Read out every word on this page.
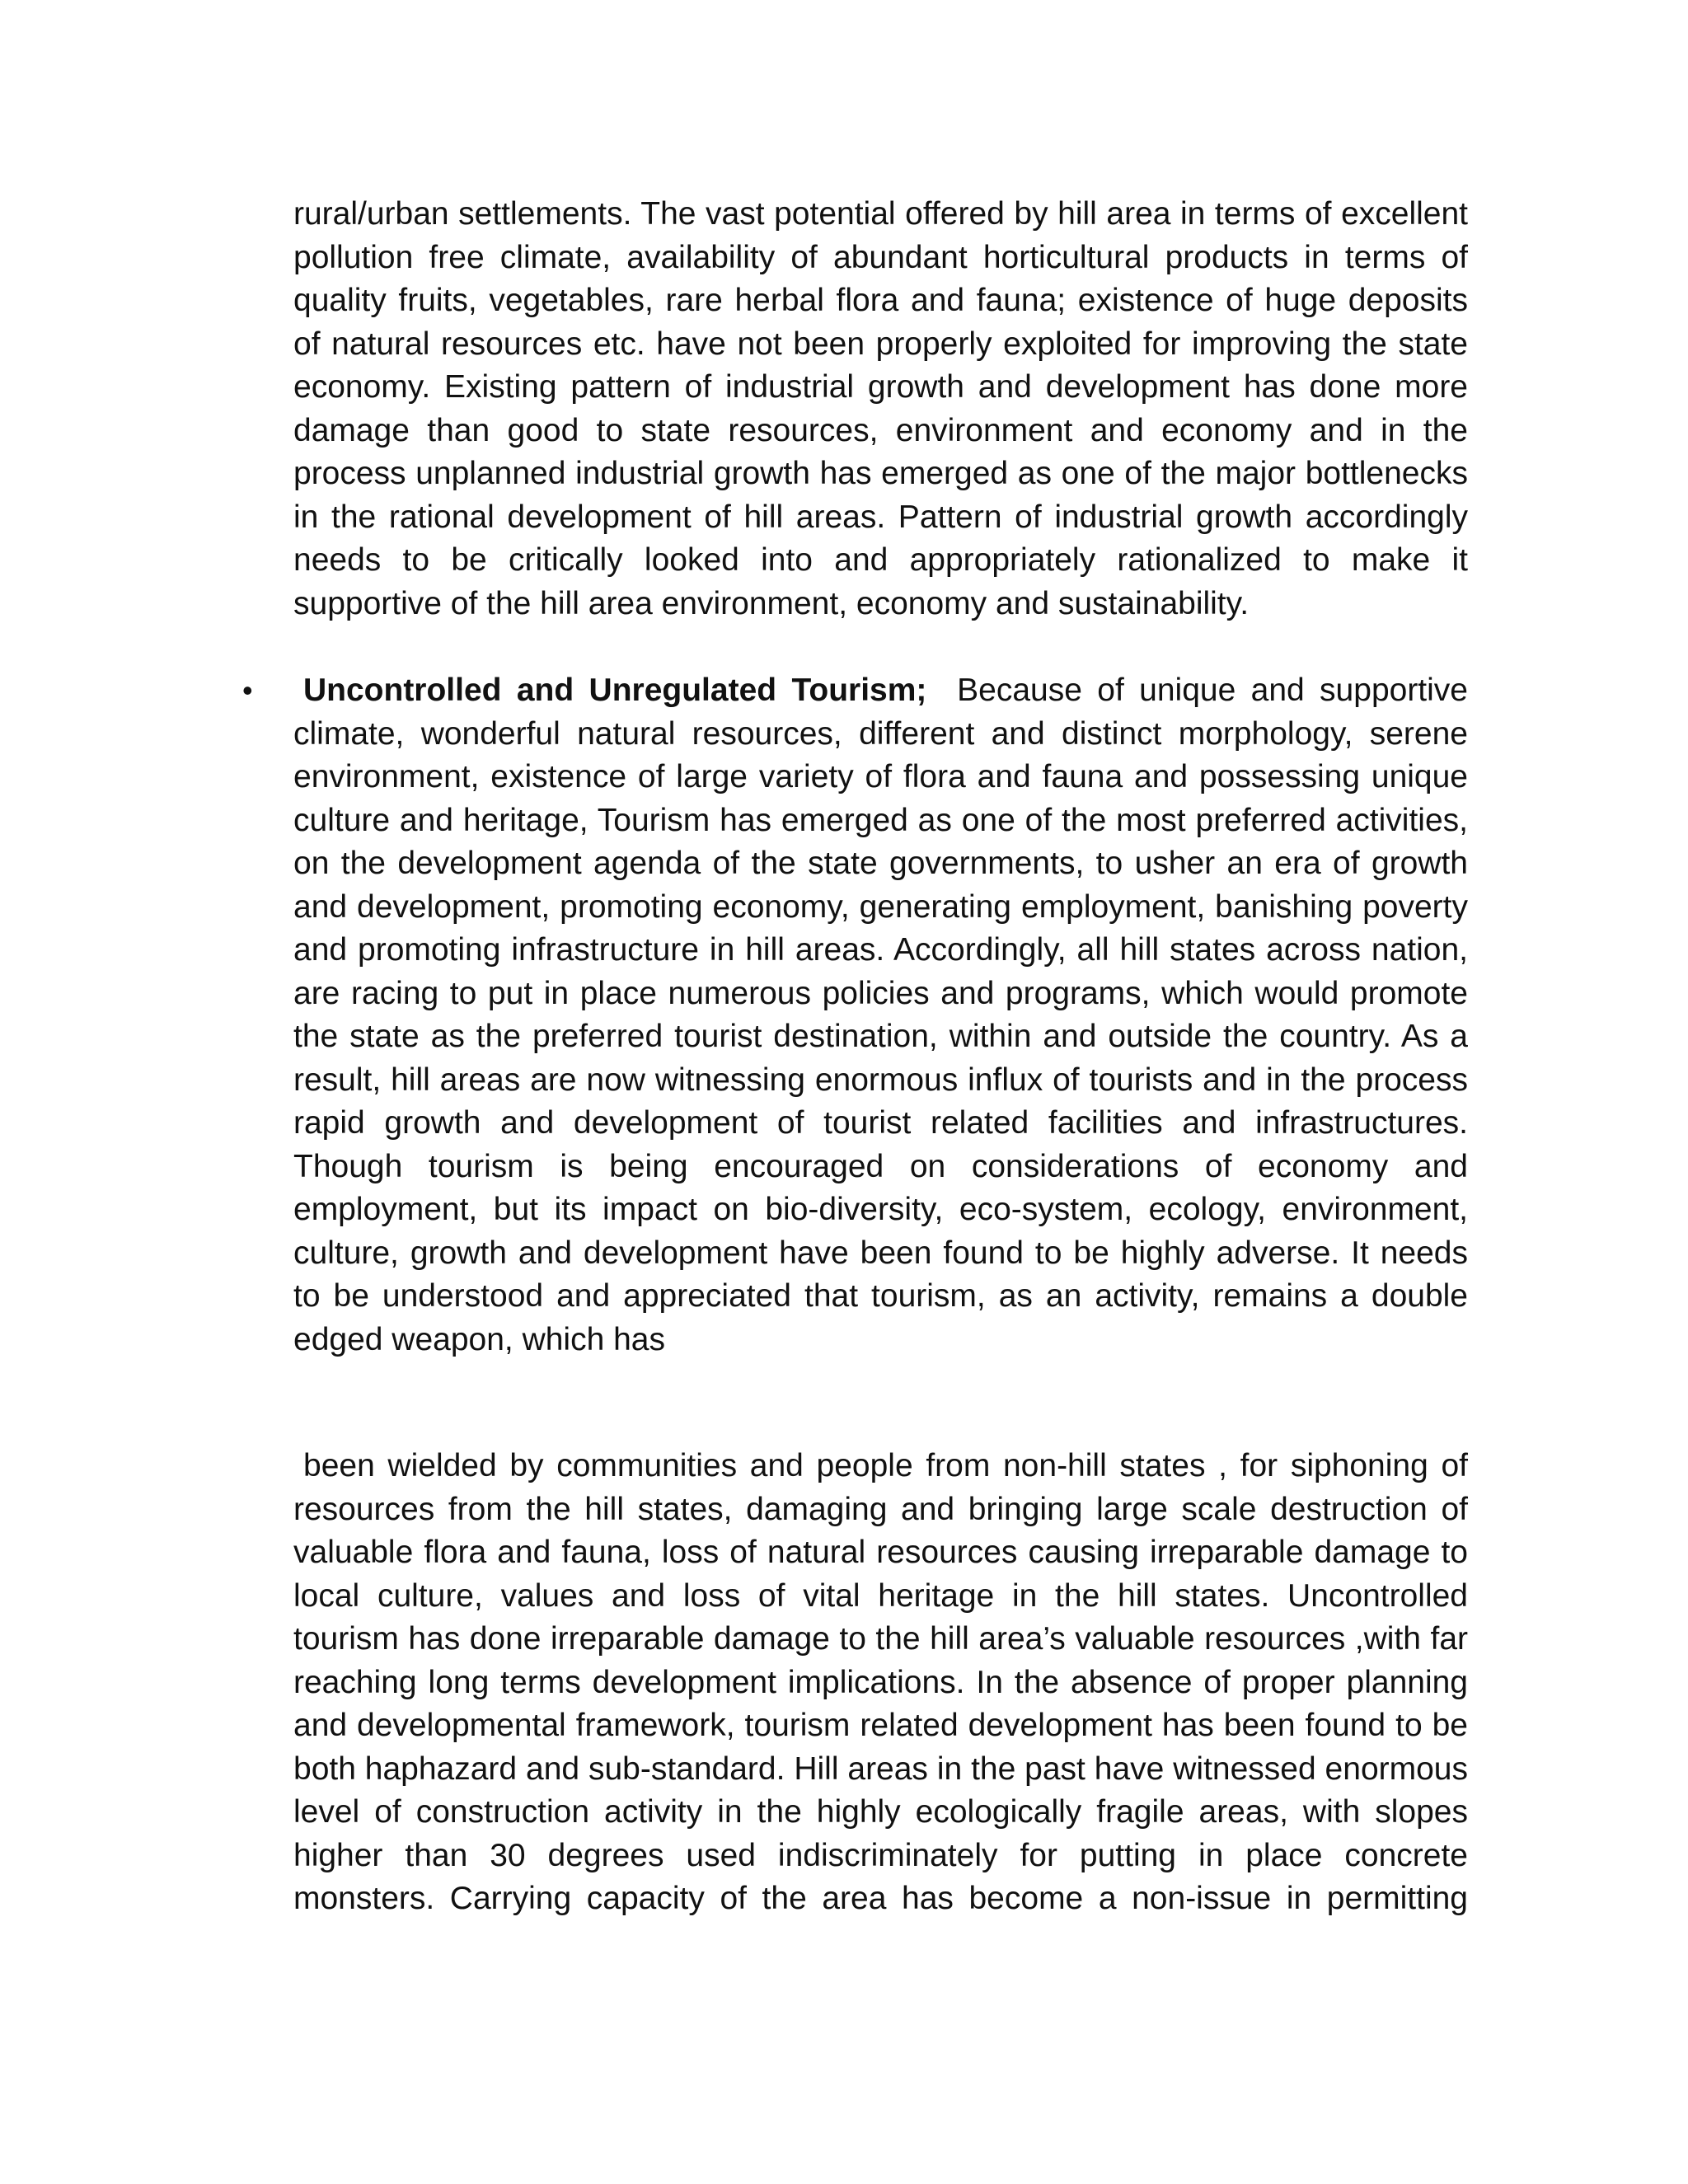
rural/urban settlements. The vast potential offered by hill area in terms of excellent pollution free climate, availability of abundant horticultural products in terms of quality fruits, vegetables, rare herbal flora and fauna; existence of huge deposits of natural resources etc. have not been properly exploited for improving the state economy. Existing pattern of industrial growth and development has done more damage than good to state resources, environment and economy and in the process unplanned industrial growth has emerged as one of the major bottlenecks in the rational development of hill areas. Pattern of industrial growth accordingly needs to be critically looked into and appropriately rationalized to make it supportive of the hill area environment, economy and sustainability.

•	Uncontrolled and Unregulated Tourism; Because of unique and supportive climate, wonderful natural resources, different and distinct morphology, serene environment, existence of large variety of flora and fauna and possessing unique culture and heritage, Tourism has emerged as one of the most preferred activities, on the development agenda of the state governments, to usher an era of growth and development, promoting economy, generating employment, banishing poverty and promoting infrastructure in hill areas. Accordingly, all hill states across nation, are racing to put in place numerous policies and programs, which would promote the state as the preferred tourist destination, within and outside the country. As a result, hill areas are now witnessing enormous influx of tourists and in the process rapid growth and development of tourist related facilities and infrastructures. Though tourism is being encouraged on considerations of economy and employment, but its impact on bio-diversity, eco-system, ecology, environment, culture, growth and development have been found to be highly adverse. It needs to be understood and appreciated that tourism, as an activity, remains a double edged weapon, which has

been wielded by communities and people from non-hill states , for siphoning of resources from the hill states, damaging and bringing large scale destruction of valuable flora and fauna, loss of natural resources causing irreparable damage to local culture, values and loss of vital heritage in the hill states. Uncontrolled tourism has done irreparable damage to the hill area’s valuable resources ,with far reaching long terms development implications. In the absence of proper planning and developmental framework, tourism related development has been found to be both haphazard and sub-standard. Hill areas in the past have witnessed enormous level of construction activity in the highly ecologically fragile areas, with slopes higher than 30 degrees used indiscriminately for putting in place concrete monsters. Carrying capacity of the area has become a non-issue in permitting
